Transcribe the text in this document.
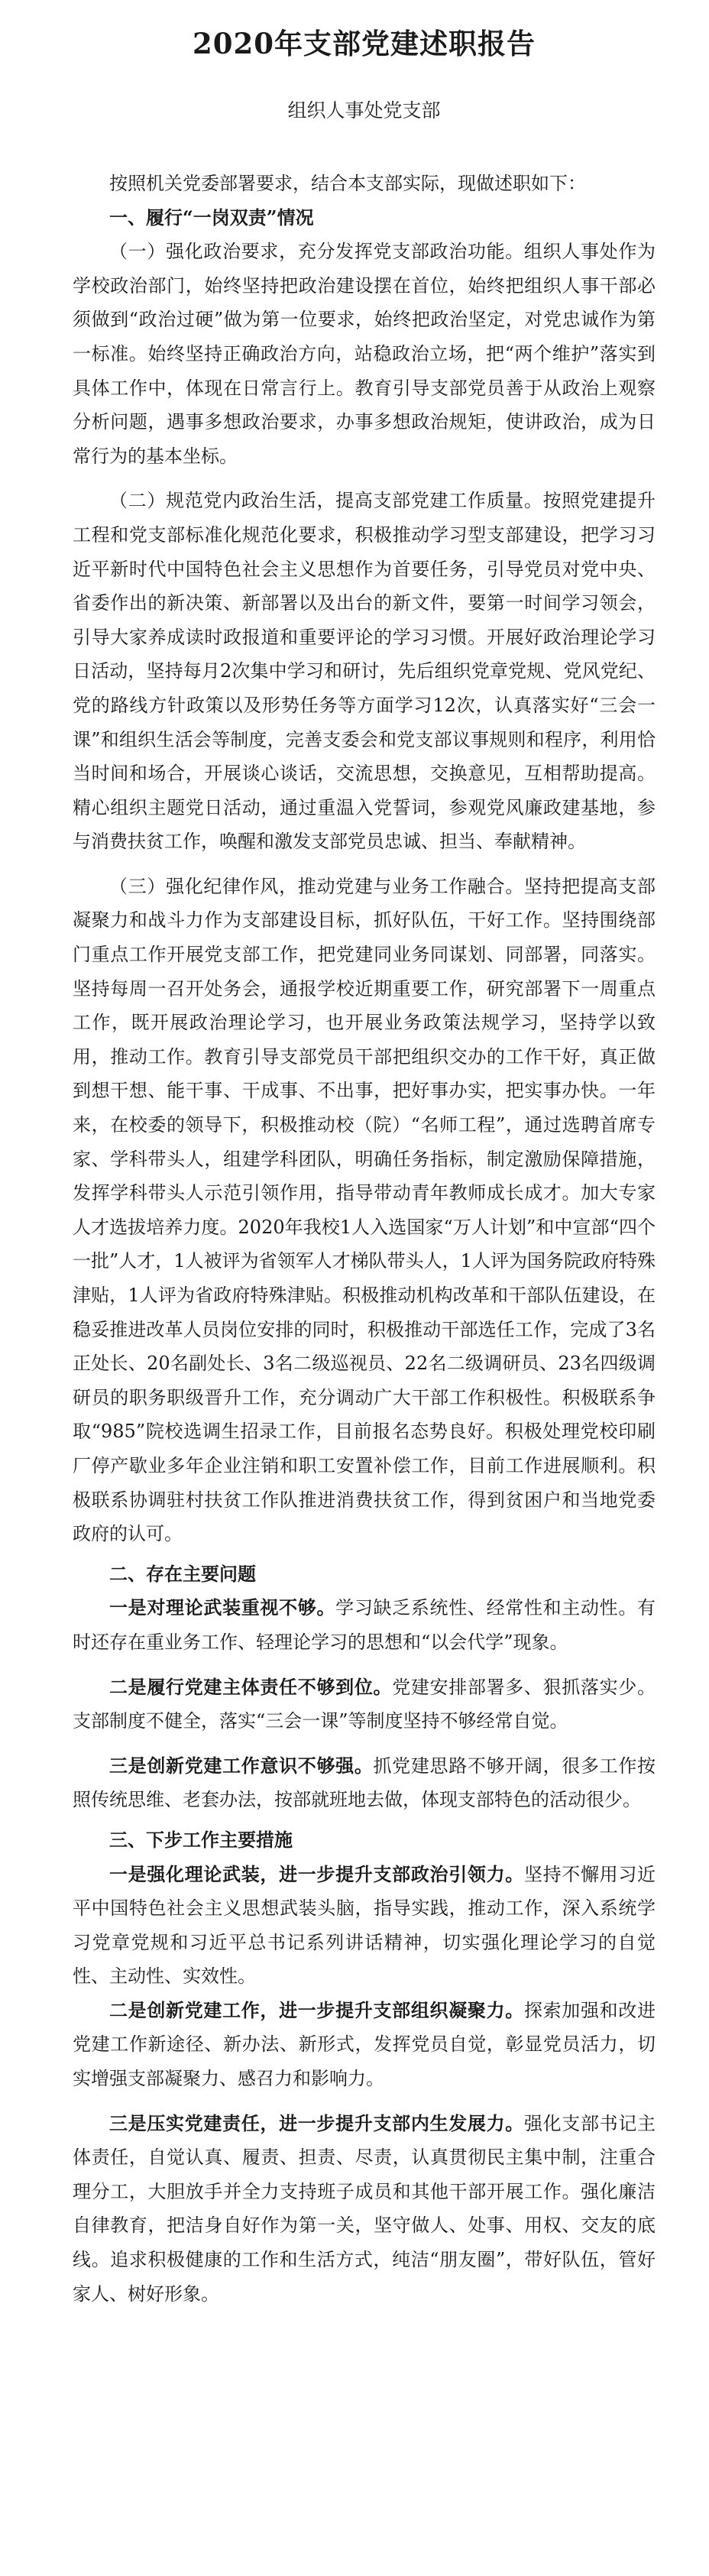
2020年支部党建述职报告
组织人事处党支部

按照机关党委部署要求，结合本支部实际，现做述职如下：

一、履行“一岗双责”情况

（一）强化政治要求，充分发挥党支部政治功能。组织人事处作为学校政治部门，始终坚持把政治建设摆在首位，始终把组织人事干部必须做到“政治过硬”做为第一位要求，始终把政治坚定，对党忠诚作为第一标准。始终坚持正确政治方向，站稳政治立场，把“两个维护”落实到具体工作中，体现在日常言行上。教育引导支部党员善于从政治上观察分析问题，遇事多想政治要求，办事多想政治规矩，使讲政治，成为日常行为的基本坐标。

（二）规范党内政治生活，提高支部党建工作质量。按照党建提升工程和党支部标准化规范化要求，积极推动学习型支部建设，把学习习近平新时代中国特色社会主义思想作为首要任务，引导党员对党中央、省委作出的新决策、新部署以及出台的新文件，要第一时间学习领会，引导大家养成读时政报道和重要评论的学习习惯。开展好政治理论学习日活动，坚持每月2次集中学习和研讨，先后组织党章党规、党风党纪、党的路线方针政策以及形势任务等方面学习12次，认真落实好“三会一课”和组织生活会等制度，完善支委会和党支部议事规则和程序，利用恰当时间和场合，开展谈心谈话，交流思想，交换意见，互相帮助提高。精心组织主题党日活动，通过重温入党誓词，参观党风廉政建基地，参与消费扶贫工作，唤醒和激发支部党员忠诚、担当、奉献精神。

（三）强化纪律作风，推动党建与业务工作融合。坚持把提高支部凝聚力和战斗力作为支部建设目标，抓好队伍，干好工作。坚持围绕部门重点工作开展党支部工作，把党建同业务同谋划、同部署，同落实。坚持每周一召开处务会，通报学校近期重要工作，研究部署下一周重点工作，既开展政治理论学习，也开展业务政策法规学习，坚持学以致用，推动工作。教育引导支部党员干部把组织交办的工作干好，真正做到想干想、能干事、干成事、不出事，把好事办实，把实事办快。一年来，在校委的领导下，积极推动校（院）“名师工程”，通过选聘首席专家、学科带头人，组建学科团队，明确任务指标，制定激励保障措施，发挥学科带头人示范引领作用，指导带动青年教师成长成才。加大专家人才选拔培养力度。2020年我校1人入选国家“万人计划”和中宣部“四个一批”人才，1人被评为省领军人才梯队带头人，1人评为国务院政府特殊津贴，1人评为省政府特殊津贴。积极推动机构改革和干部队伍建设，在稳妥推进改革人员岗位安排的同时，积极推动干部选任工作，完成了3名正处长、20名副处长、3名二级巡视员、22名二级调研员、23名四级调研员的职务职级晋升工作，充分调动广大干部工作积极性。积极联系争取“985”院校选调生招录工作，目前报名态势良好。积极处理党校印刷厂停产歇业多年企业注销和职工安置补偿工作，目前工作进展顺利。积极联系协调驻村扶贫工作队推进消费扶贫工作，得到贫困户和当地党委政府的认可。

二、存在主要问题

一是对理论武装重视不够。学习缺乏系统性、经常性和主动性。有时还存在重业务工作、轻理论学习的思想和“以会代学”现象。

二是履行党建主体责任不够到位。党建安排部署多、狠抓落实少。支部制度不健全，落实“三会一课”等制度坚持不够经常自觉。

三是创新党建工作意识不够强。抓党建思路不够开阔，很多工作按照传统思维、老套办法，按部就班地去做，体现支部特色的活动很少。

三、下步工作主要措施

一是强化理论武装，进一步提升支部政治引领力。坚持不懈用习近平中国特色社会主义思想武装头脑，指导实践，推动工作，深入系统学习党章党规和习近平总书记系列讲话精神，切实强化理论学习的自觉性、主动性、实效性。

二是创新党建工作，进一步提升支部组织凝聚力。探索加强和改进党建工作新途径、新办法、新形式，发挥党员自觉，彰显党员活力，切实增强支部凝聚力、感召力和影响力。

三是压实党建责任，进一步提升支部内生发展力。强化支部书记主体责任，自觉认真、履责、担责、尽责，认真贯彻民主集中制，注重合理分工，大胆放手并全力支持班子成员和其他干部开展工作。强化廉洁自律教育，把洁身自好作为第一关，坚守做人、处事、用权、交友的底线。追求积极健康的工作和生活方式，纯洁“朋友圈”，带好队伍，管好家人、树好形象。
